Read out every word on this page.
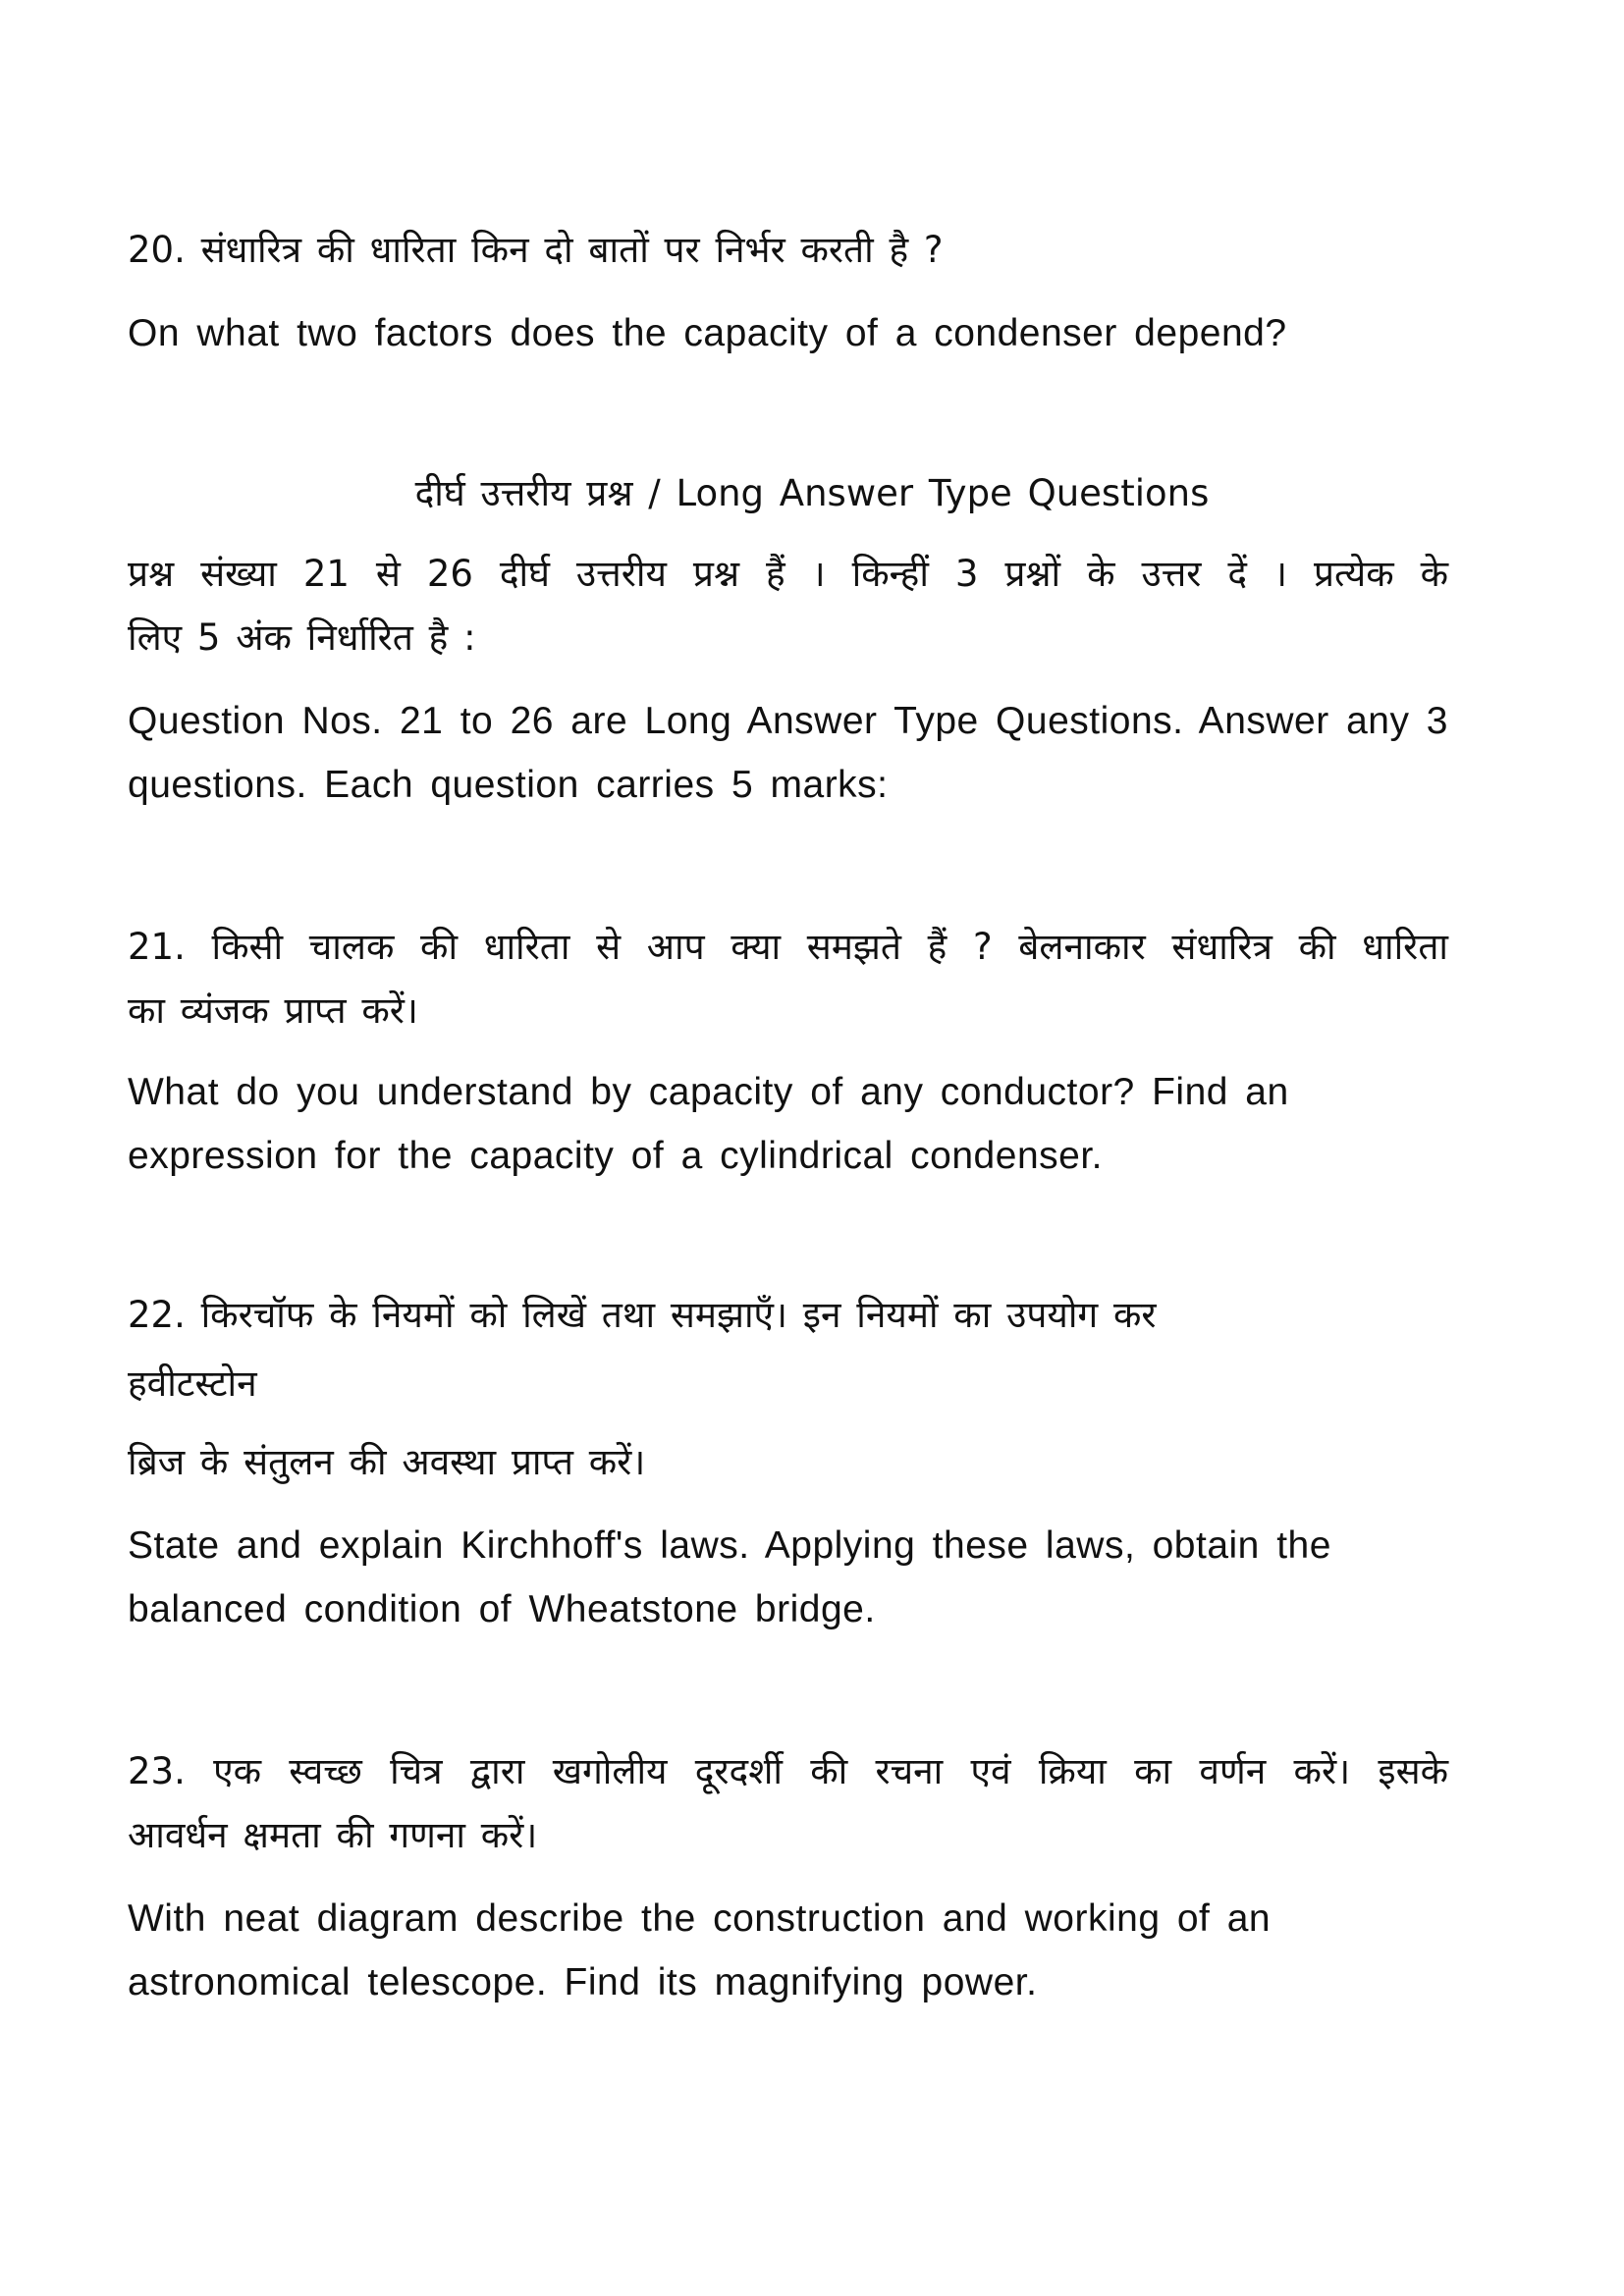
20. संधारित्र की धारिता किन दो बातों पर निर्भर करती है ?
On what two factors does the capacity of a condenser depend?
दीर्घ उत्तरीय प्रश्न / Long Answer Type Questions
प्रश्न संख्या 21 से 26 दीर्घ उत्तरीय प्रश्न हैं । किन्हीं 3 प्रश्नों के उत्तर दें । प्रत्येक के
लिए 5 अंक निर्धारित है :
Question Nos. 21 to 26 are Long Answer Type Questions. Answer any 3
questions. Each question carries 5 marks:
21. किसी चालक की धारिता से आप क्या समझते हैं ? बेलनाकार संधारित्र की धारिता
का व्यंजक प्राप्त करें।
What do you understand by capacity of any conductor? Find an
expression for the capacity of a cylindrical condenser.
22. किरचॉफ के नियमों को लिखें तथा समझाएँ। इन नियमों का उपयोग कर
हवीटस्टोन
ब्रिज के संतुलन की अवस्था प्राप्त करें।
State and explain Kirchhoff's laws. Applying these laws, obtain the
balanced condition of Wheatstone bridge.
23. एक स्वच्छ चित्र द्वारा खगोलीय दूरदर्शी की रचना एवं क्रिया का वर्णन करें। इसके
आवर्धन क्षमता की गणना करें।
With neat diagram describe the construction and working of an
astronomical telescope. Find its magnifying power.
